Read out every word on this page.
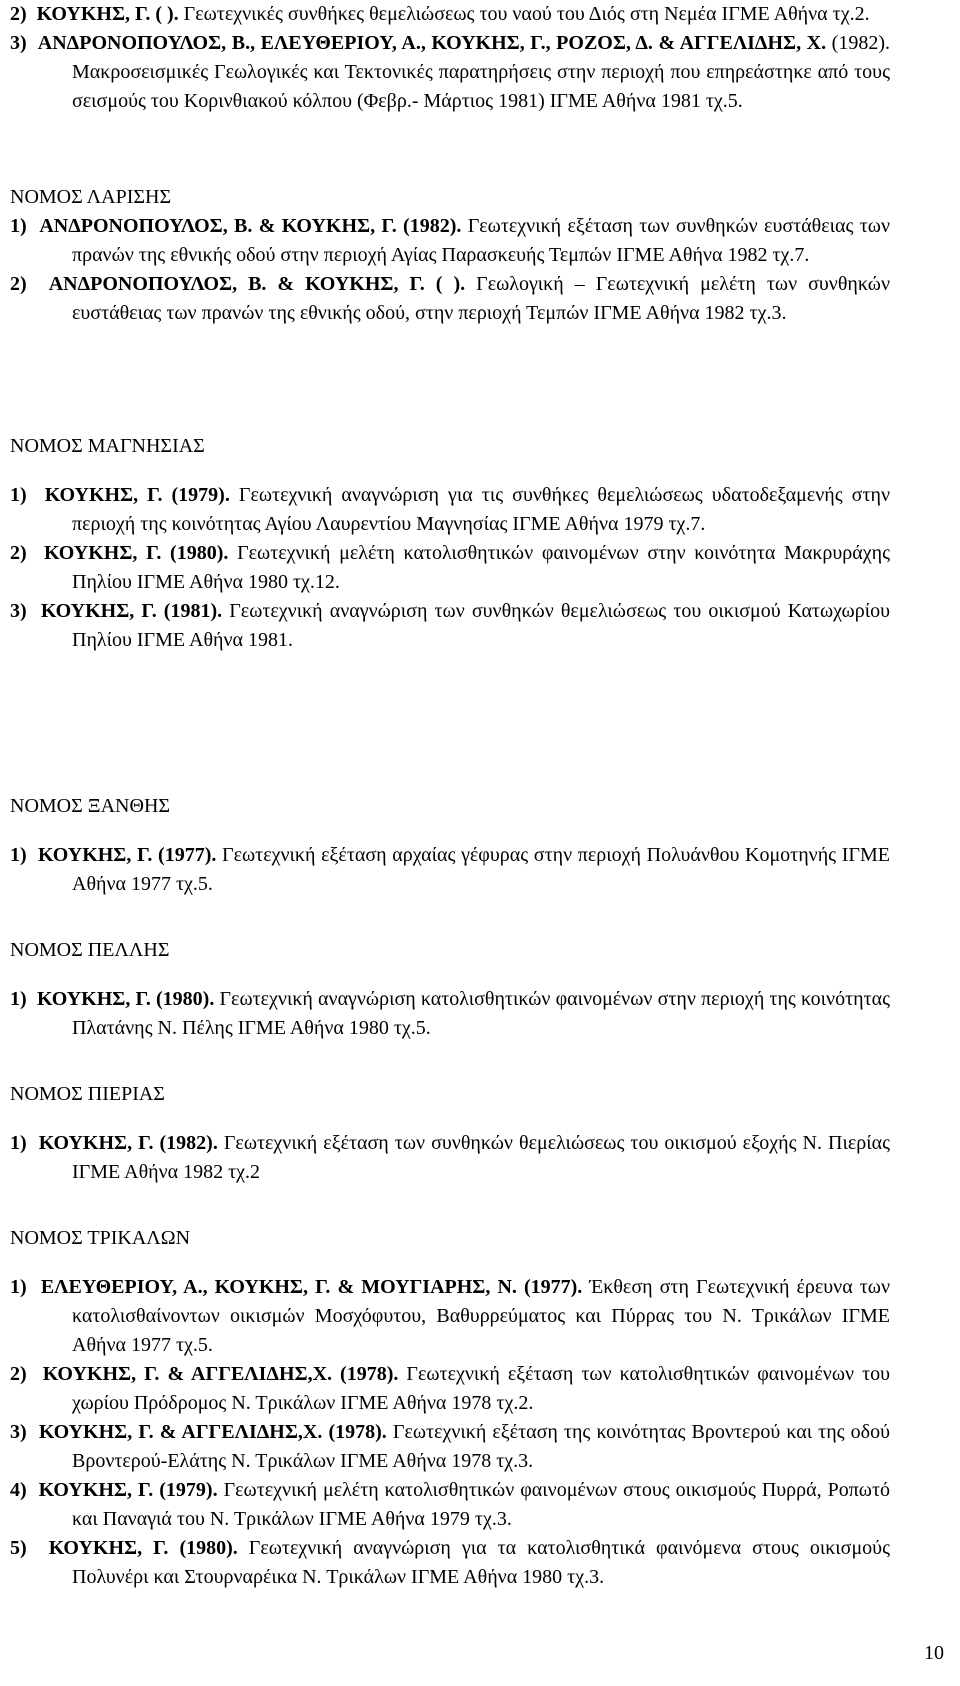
2) ΚΟΥΚΗΣ, Γ. ( ). Γεωτεχνικές συνθήκες θεμελιώσεως του ναού του Διός στη Νεμέα ΙΓΜΕ Αθήνα τχ.2.

3) ΑΝΔΡΟΝΟΠΟΥΛΟΣ, Β., ΕΛΕΥΘΕΡΙΟΥ, Α., ΚΟΥΚΗΣ, Γ., ΡΟΖΟΣ, Δ. & ΑΓΓΕΛΙΔΗΣ, Χ. (1982). Μακροσεισμικές Γεωλογικές και Τεκτονικές παρατηρήσεις στην περιοχή που επηρεάστηκε από τους σεισμούς του Κορινθιακού κόλπου (Φεβρ.- Μάρτιος 1981) ΙΓΜΕ Αθήνα 1981 τχ.5.

ΝΟΜΟΣ ΛΑΡΙΣΗΣ

1) ΑΝΔΡΟΝΟΠΟΥΛΟΣ, Β. & ΚΟΥΚΗΣ, Γ. (1982). Γεωτεχνική εξέταση των συνθηκών ευστάθειας των πρανών της εθνικής οδού στην περιοχή Αγίας Παρασκευής Τεμπών ΙΓΜΕ Αθήνα 1982 τχ.7.

2) ΑΝΔΡΟΝΟΠΟΥΛΟΣ, Β. & ΚΟΥΚΗΣ, Γ. ( ). Γεωλογική – Γεωτεχνική μελέτη των συνθηκών ευστάθειας των πρανών της εθνικής οδού, στην περιοχή Τεμπών ΙΓΜΕ Αθήνα 1982 τχ.3.

ΝΟΜΟΣ ΜΑΓΝΗΣΙΑΣ

1) ΚΟΥΚΗΣ, Γ. (1979). Γεωτεχνική αναγνώριση για τις συνθήκες θεμελιώσεως υδατοδεξαμενής στην περιοχή της κοινότητας Αγίου Λαυρεντίου Μαγνησίας ΙΓΜΕ Αθήνα 1979 τχ.7.

2) ΚΟΥΚΗΣ, Γ. (1980). Γεωτεχνική μελέτη κατολισθητικών φαινομένων στην κοινότητα Μακρυράχης Πηλίου ΙΓΜΕ Αθήνα 1980 τχ.12.

3) ΚΟΥΚΗΣ, Γ. (1981). Γεωτεχνική αναγνώριση των συνθηκών θεμελιώσεως του οικισμού Κατωχωρίου Πηλίου ΙΓΜΕ Αθήνα 1981.

ΝΟΜΟΣ ΞΑΝΘΗΣ

1) ΚΟΥΚΗΣ, Γ. (1977). Γεωτεχνική εξέταση αρχαίας γέφυρας στην περιοχή Πολυάνθου Κομοτηνής ΙΓΜΕ Αθήνα 1977 τχ.5.

ΝΟΜΟΣ ΠΕΛΛΗΣ

1) ΚΟΥΚΗΣ, Γ. (1980). Γεωτεχνική αναγνώριση κατολισθητικών φαινομένων στην περιοχή της κοινότητας Πλατάνης Ν. Πέλης ΙΓΜΕ Αθήνα 1980 τχ.5.

ΝΟΜΟΣ ΠΙΕΡΙΑΣ

1) ΚΟΥΚΗΣ, Γ. (1982). Γεωτεχνική εξέταση των συνθηκών θεμελιώσεως του οικισμού εξοχής Ν. Πιερίας ΙΓΜΕ Αθήνα 1982 τχ.2

ΝΟΜΟΣ ΤΡΙΚΑΛΩΝ

1) ΕΛΕΥΘΕΡΙΟΥ, Α., ΚΟΥΚΗΣ, Γ. & ΜΟΥΓΙΑΡΗΣ, Ν. (1977). Έκθεση στη Γεωτεχνική έρευνα των κατολισθαίνοντων οικισμών Μοσχόφυτου, Βαθυρρεύματος και Πύρρας του Ν. Τρικάλων ΙΓΜΕ Αθήνα 1977 τχ.5.

2) ΚΟΥΚΗΣ, Γ. & ΑΓΓΕΛΙΔΗΣ,Χ. (1978). Γεωτεχνική εξέταση των κατολισθητικών φαινομένων του χωρίου Πρόδρομος Ν. Τρικάλων ΙΓΜΕ Αθήνα 1978 τχ.2.

3) ΚΟΥΚΗΣ, Γ. & ΑΓΓΕΛΙΔΗΣ,Χ. (1978). Γεωτεχνική εξέταση της κοινότητας Βροντερού και της οδού Βροντερού-Ελάτης Ν. Τρικάλων ΙΓΜΕ Αθήνα 1978 τχ.3.

4) ΚΟΥΚΗΣ, Γ. (1979). Γεωτεχνική μελέτη κατολισθητικών φαινομένων στους οικισμούς Πυρρά, Ροπωτό και Παναγιά του Ν. Τρικάλων ΙΓΜΕ Αθήνα 1979 τχ.3.

5) ΚΟΥΚΗΣ, Γ. (1980). Γεωτεχνική αναγνώριση για τα κατολισθητικά φαινόμενα στους οικισμούς Πολυνέρι και Στουρναρέικα Ν. Τρικάλων ΙΓΜΕ Αθήνα 1980 τχ.3.

10
